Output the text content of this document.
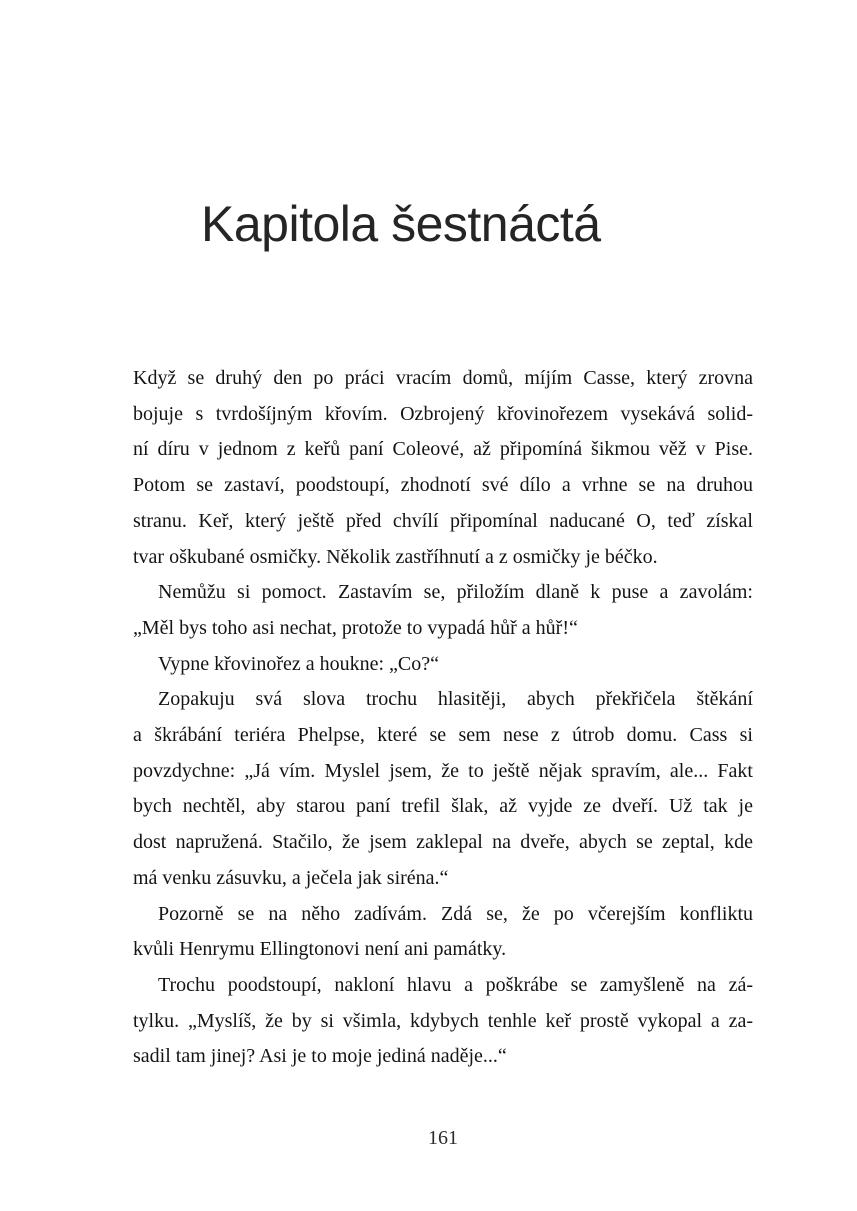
Kapitola šestnáctá

Když se druhý den po práci vracím domů, míjím Casse, který zrovna
bojuje s tvrdošíjným křovím. Ozbrojený křovinořezem vysekává solid-
ní díru v jednom z keřů paní Coleové, až připomíná šikmou věž v Pise.
Potom se zastaví, poodstoupí, zhodnotí své dílo a vrhne se na druhou
stranu. Keř, který ještě před chvílí připomínal naducané O, teď získal
tvar oškubané osmičky. Několik zastříhnutí a z osmičky je béčko.

Nemůžu si pomoct. Zastavím se, přiložím dlaně k puse a zavolám:
„Měl bys toho asi nechat, protože to vypadá hůř a hůř!“

Vypne křovinořez a houkne: „Co?“

Zopakuju svá slova trochu hlasitěji, abych překřičela štěkání
a škrábání teriéra Phelpse, které se sem nese z útrob domu. Cass si
povzdychne: „Já vím. Myslel jsem, že to ještě nějak spravím, ale... Fakt
bych nechtěl, aby starou paní trefil šlak, až vyjde ze dveří. Už tak je
dost napružená. Stačilo, že jsem zaklepal na dveře, abych se zeptal, kde
má venku zásuvku, a ječela jak siréna.“

Pozorně se na něho zadívám. Zdá se, že po včerejším konfliktu
kvůli Henrymu Ellingtonovi není ani památky.

Trochu poodstoupí, nakloní hlavu a poškrábe se zamyšleně na zá-
tylku. „Myslíš, že by si všimla, kdybych tenhle keř prostě vykopal a za-
sadil tam jinej? Asi je to moje jediná naděje...“

161
